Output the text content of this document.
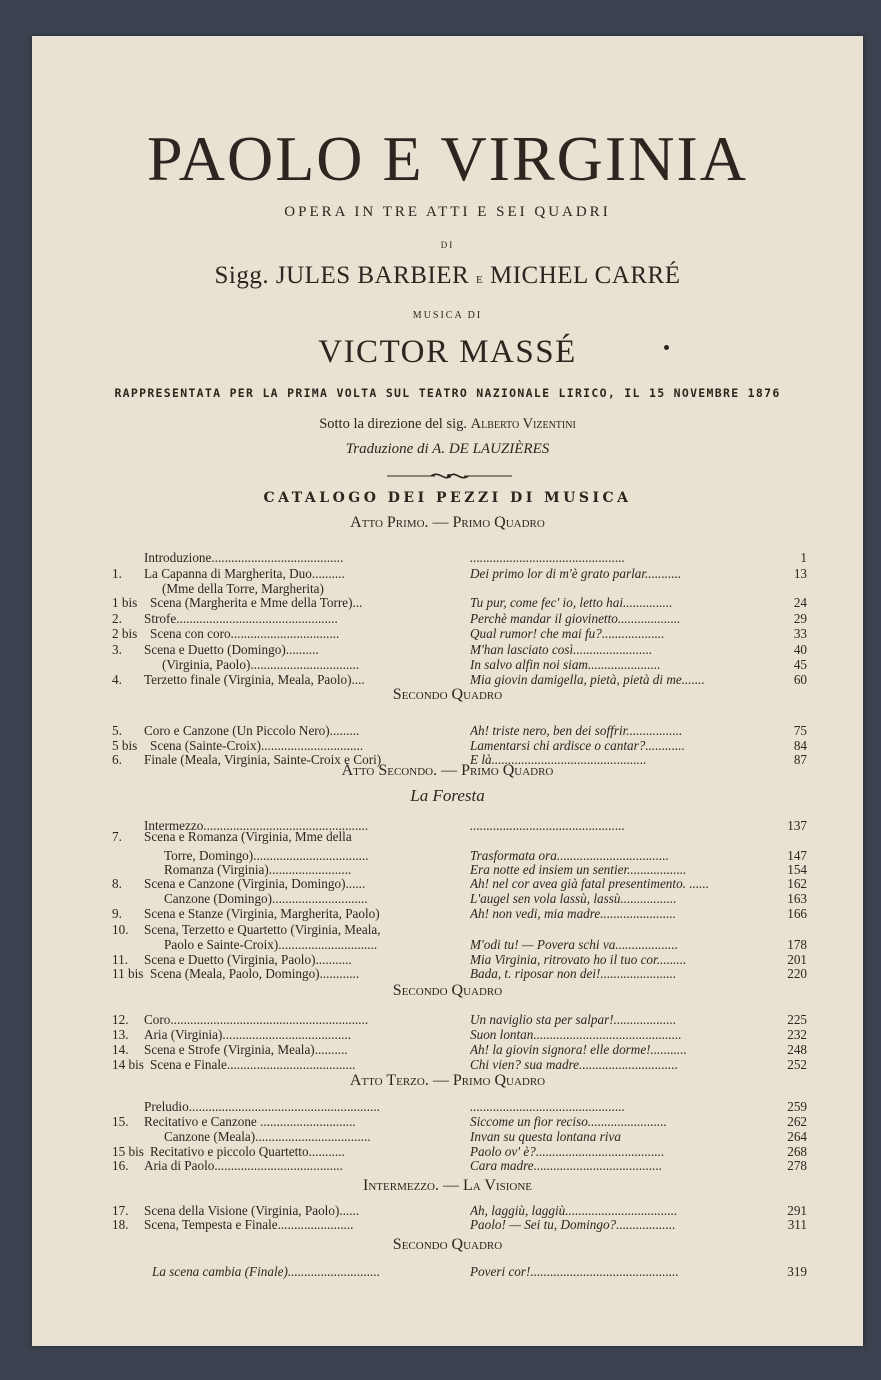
PAOLO E VIRGINIA
OPERA IN TRE ATTI E SEI QUADRI
DI
Sigg. JULES BARBIER E MICHEL CARRÉ
MUSICA DI
VICTOR MASSÉ
RAPPRESENTATA PER LA PRIMA VOLTA SUL TEATRO NAZIONALE LIRICO, IL 15 NOVEMBRE 1876
Sotto la direzione del sig. Alberto Vizentini
Traduzione di A. DE LAUZIÈRES
CATALOGO DEI PEZZI DI MUSICA
Atto Primo. — Primo Quadro
Secondo Quadro
Atto Secondo. — Primo Quadro
La Foresta
Secondo Quadro
Atto Terzo. — Primo Quadro
Intermezzo. — La Visione
Secondo Quadro
Introduzione........................................	...............................................	1
1.	La Capanna di Margherita, Duo..........	Dei primo lor di m'è grato parlar...........	13
(Mme della Torre, Margherita)
1 bis Scena (Margherita e Mme della Torre)...	Tu pur, come fec' io, letto hai...............	24
2.	Strofe.................................................	Perchè mandar il giovinetto...................	29
2 bis Scena con coro.................................	Qual rumor! che mai fu?...................	33
3.	Scena e Duetto (Domingo)..........	M'han lasciato così........................	40
(Virginia, Paolo).................................	In salvo alfin noi siam......................	45
4.	Terzetto finale (Virginia, Meala, Paolo)....	Mia giovin damigella, pietà, pietà di me.......	60
5.	Coro e Canzone (Un Piccolo Nero).........	Ah! triste nero, ben dei soffrir.................	75
5 bis Scena (Sainte-Croix)...............................	Lamentarsi chi ardisce o cantar?............	84
6.	Finale (Meala, Virginia, Sainte-Croix e Cori)	E là...............................................	87
Intermezzo..................................................	...............................................	137
7.	Scena e Romanza (Virginia, Mme della
Torre, Domingo)...................................	Trasformata ora..................................	147
Romanza (Virginia).........................	Era notte ed insiem un sentier..................	154
8.	Scena e Canzone (Virginia, Domingo)......	Ah! nel cor avea già fatal presentimento. ......	162
Canzone (Domingo).............................	L'augel sen vola lassù, lassù.................	163
9.	Scena e Stanze (Virginia, Margherita, Paolo)	Ah! non vedi, mia madre.......................	166
10.	Scena, Terzetto e Quartetto (Virginia, Meala,
Paolo e Sainte-Croix)..............................	M'odi tu! — Povera schi va...................	178
11.	Scena e Duetto (Virginia, Paolo)...........	Mia Virginia, ritrovato ho il tuo cor.........	201
11 bis Scena (Meala, Paolo, Domingo)............	Bada, t. riposar non dei!.......................	220
12.	Coro............................................................	Un naviglio sta per salpar!...................	225
13.	Aria (Virginia).......................................	Suon lontan.............................................	232
14.	Scena e Strofe (Virginia, Meala)..........	Ah! la giovin signora! elle dorme!...........	248
14 bis Scena e Finale.......................................	Chi vien? sua madre..............................	252
Preludio..........................................................	...............................................	259
15.	Recitativo e Canzone .............................	Siccome un fior reciso........................	262
Canzone (Meala)...................................	Invan su questa lontana riva	264
15 bis Recitativo e piccolo Quartetto...........	Paolo ov' è?.......................................	268
16.	Aria di Paolo.......................................	Cara madre.......................................	278
17.	Scena della Visione (Virginia, Paolo)......	Ah, laggiù, laggiù..................................	291
18.	Scena, Tempesta e Finale.......................	Paolo! — Sei tu, Domingo?..................	311
La scena cambia (Finale)............................	Poveri cor!.............................................	319
